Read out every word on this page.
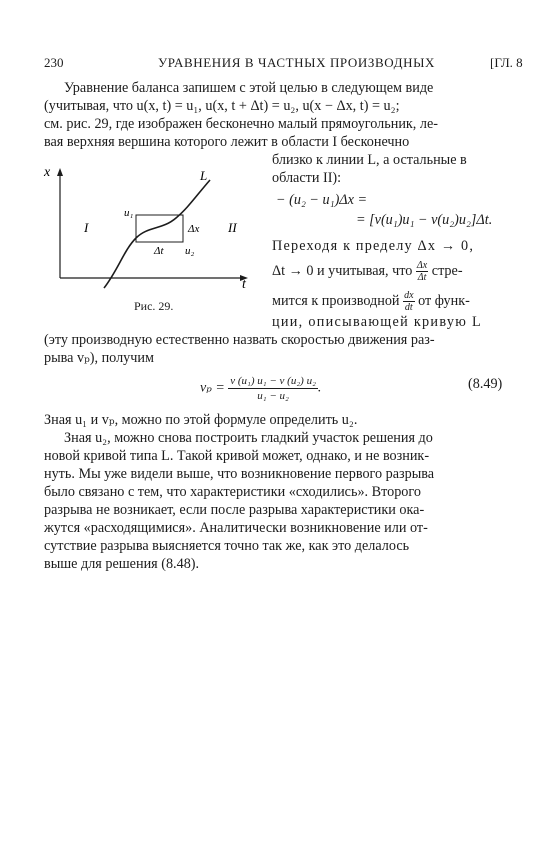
230	УРАВНЕНИЯ В ЧАСТНЫХ ПРОИЗВОДНЫХ	[ГЛ. 8
Уравнение баланса запишем с этой целью в следующем виде
(учитывая, что u(x, t) = u₁, u(x, t + Δt) = u₂, u(x − Δx, t) = u₂;
см. рис. 29, где изображен бесконечно малый прямоугольник, ле-
вая верхняя вершина которого лежит в области I бесконечно
близко к линии L, а остальные в
области II):
− (u₂ − u₁)Δx =
= [v(u₁)u₁ − v(u₂)u₂]Δt.
Переходя к пределу Δx → 0,
Δt → 0 и учитывая, что $\frac{\Delta x}{\Delta t}$ стре-
мится к производной $\frac{dx}{dt}$ от функ-
ции, описывающей кривую L
(эту производную естественно назвать скоростью движения раз-
рыва vₚ), получим
$v_p = \frac{\text{v (u₁) u₁ − v (u₂) u₂}}{\text{u₁ − u₂}}$ .	(8.49)
Зная u₁ и vₚ, можно по этой формуле определить u₂.
Зная u₂, можно снова построить гладкий участок решения до
новой кривой типа L. Такой кривой может, однако, и не возник-
нуть. Мы уже видели выше, что возникновение первого разрыва
было связано с тем, что характеристики «сходились». Второго
разрыва не возникает, если после разрыва характеристики ока-
жутся «расходящимися». Аналитически возникновение или от-
сутствие разрыва выясняется точно так же, как это делалось
выше для решения (8.48).
x
t
L
I	II
u₁
u₂
Δx
Δt
Рис. 29.
